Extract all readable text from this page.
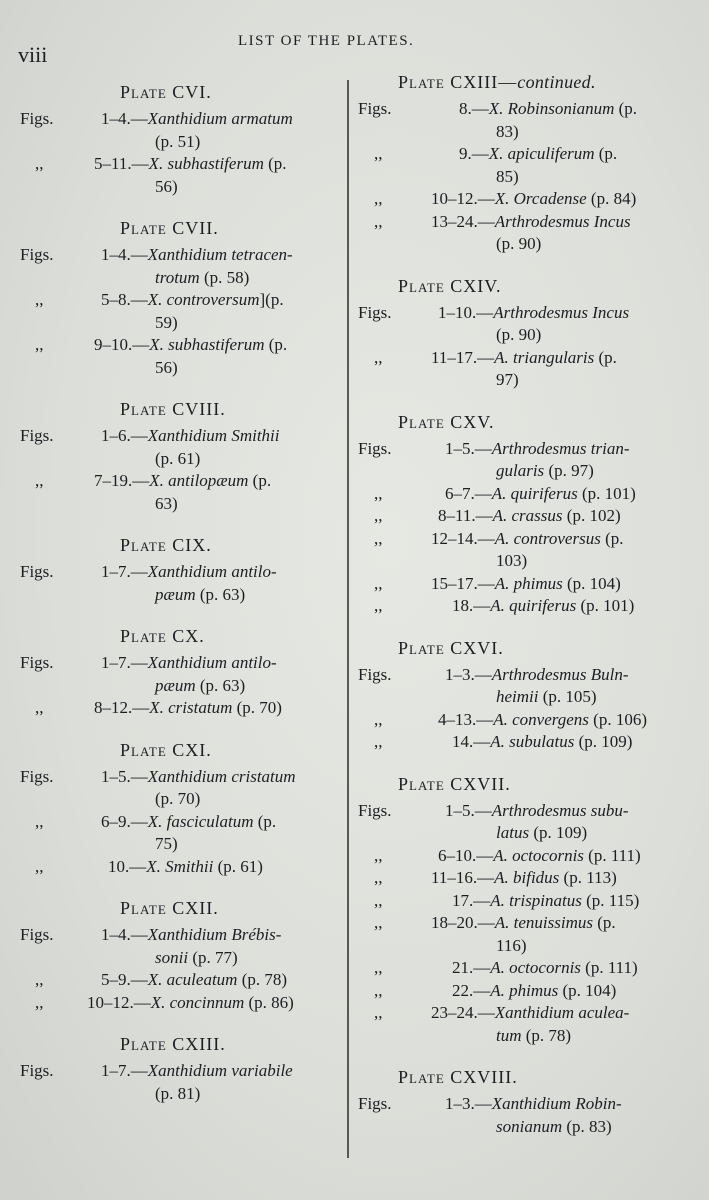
viii
LIST OF THE PLATES.
Plate CVI.
Figs.	1–4.—Xanthidium armatum
(p. 51)
,,	5–11.—X. subhastiferum (p.
56)
Plate CVII.
Figs.	1–4.—Xanthidium tetracen-
trotum (p. 58)
,,	5–8.—X. controversum](p.
59)
,,	9–10.—X. subhastiferum (p.
56)
Plate CVIII.
Figs.	1–6.—Xanthidium Smithii
(p. 61)
,,	7–19.—X. antilopæum (p.
63)
Plate CIX.
Figs.	1–7.—Xanthidium antilo-
pæum (p. 63)
Plate CX.
Figs.	1–7.—Xanthidium antilo-
pæum (p. 63)
,,	8–12.—X. cristatum (p. 70)
Plate CXI.
Figs.	1–5.—Xanthidium cristatum
(p. 70)
,,	6–9.—X. fasciculatum (p.
75)
,,	10.—X. Smithii (p. 61)
Plate CXII.
Figs.	1–4.—Xanthidium Brébis-
sonii (p. 77)
,,	5–9.—X. aculeatum (p. 78)
,,	10–12.—X. concinnum (p. 86)
Plate CXIII.
Figs.	1–7.—Xanthidium variabile
(p. 81)
Plate CXIII—continued.
Figs.	8.—X. Robinsonianum (p.
83)
,,	9.—X. apiculiferum (p.
85)
,,	10–12.—X. Orcadense (p. 84)
,,	13–24.—Arthrodesmus Incus
(p. 90)
Plate CXIV.
Figs.	1–10.—Arthrodesmus Incus
(p. 90)
,,	11–17.—A. triangularis (p.
97)
Plate CXV.
Figs.	1–5.—Arthrodesmus trian-
gularis (p. 97)
,,	6–7.—A. quiriferus (p. 101)
,,	8–11.—A. crassus (p. 102)
,,	12–14.—A. controversus (p.
103)
,,	15–17.—A. phimus (p. 104)
,,	18.—A. quiriferus (p. 101)
Plate CXVI.
Figs.	1–3.—Arthrodesmus Buln-
heimii (p. 105)
,,	4–13.—A. convergens (p. 106)
,,	14.—A. subulatus (p. 109)
Plate CXVII.
Figs.	1–5.—Arthrodesmus subu-
latus (p. 109)
,,	6–10.—A. octocornis (p. 111)
,,	11–16.—A. bifidus (p. 113)
,,	17.—A. trispinatus (p. 115)
,,	18–20.—A. tenuissimus (p.
116)
,,	21.—A. octocornis (p. 111)
,,	22.—A. phimus (p. 104)
,,	23–24.—Xanthidium aculea-
tum (p. 78)
Plate CXVIII.
Figs.	1–3.—Xanthidium Robin-
sonianum (p. 83)
